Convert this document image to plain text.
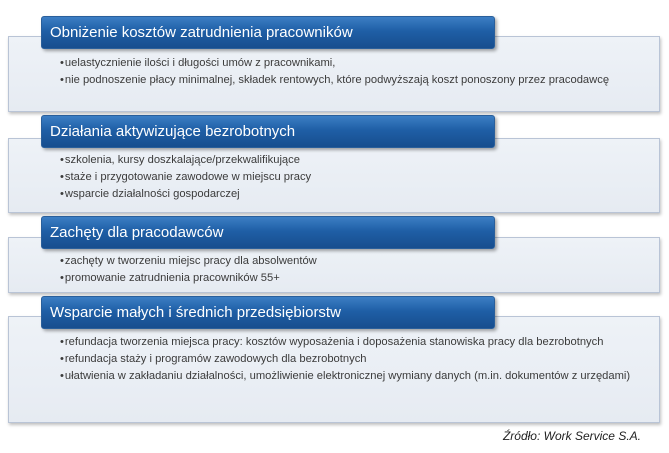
Obniżenie kosztów zatrudnienia pracowników
• uelastycznienie ilości i długości umów z pracownikami,
• nie podnoszenie płacy minimalnej, składek rentowych, które podwyższają koszt ponoszony przez pracodawcę
Działania aktywizujące bezrobotnych
• szkolenia, kursy doszkalające/przekwalifikujące
• staże i przygotowanie zawodowe w miejscu pracy
• wsparcie działalności gospodarczej
Zachęty dla pracodawców
• zachęty w tworzeniu miejsc pracy dla absolwentów
• promowanie zatrudnienia pracowników 55+
Wsparcie małych i średnich przedsiębiorstw
• refundacja tworzenia miejsca pracy: kosztów wyposażenia i doposażenia stanowiska pracy dla bezrobotnych
• refundacja staży i programów zawodowych dla bezrobotnych
• ułatwienia w zakładaniu działalności, umożliwienie elektronicznej wymiany danych (m.in. dokumentów z urzędami)
Źródło: Work Service S.A.
